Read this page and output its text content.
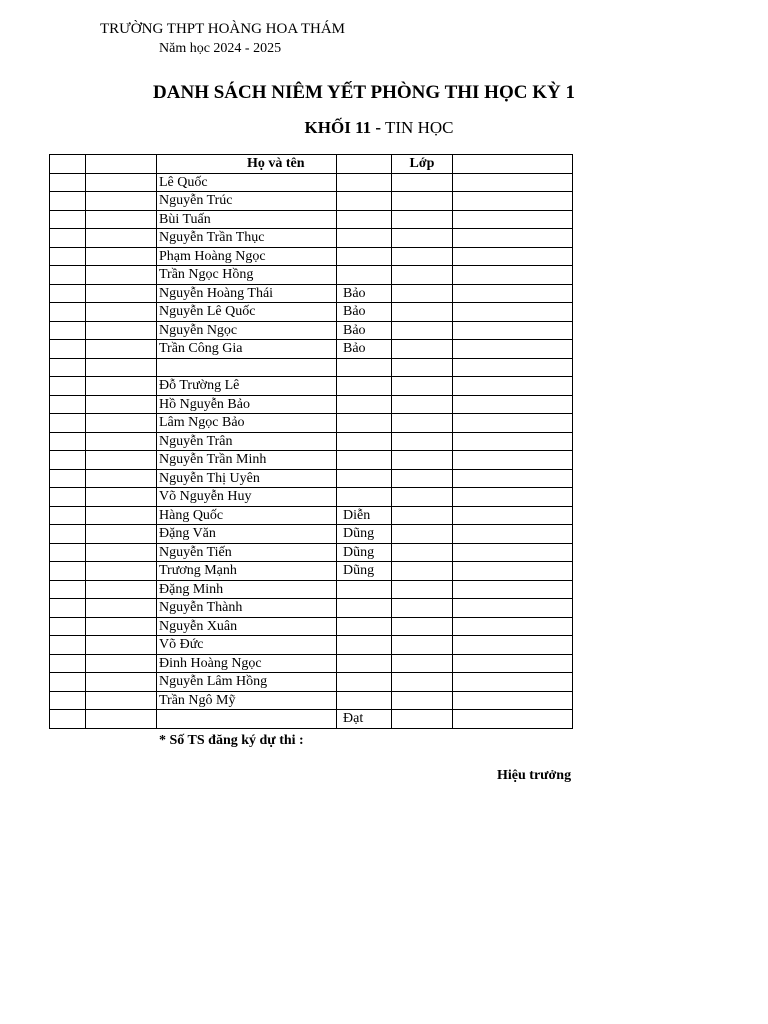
TRƯỜNG THPT HOÀNG HOA THÁM
Năm học 2024 - 2025
DANH SÁCH NIÊM YẾT PHÒNG THI HỌC KỲ 1
KHỐI 11 - TIN HỌC
		Họ và tên		Lớp	
		Lê Quốc			
		Nguyễn Trúc			
		Bùi Tuấn			
		Nguyễn Trần Thục			
		Phạm Hoàng Ngọc			
		Trần Ngọc Hồng			
		Nguyễn Hoàng Thái	Bảo		
		Nguyễn Lê Quốc	Bảo		
		Nguyễn Ngọc	Bảo		
		Trần Công Gia	Bảo		

		Đỗ Trường Lê			
		Hồ Nguyễn Bảo			
		Lâm Ngọc Bảo			
		Nguyễn Trân			
		Nguyễn Trần Minh			
		Nguyễn Thị Uyên			
		Võ Nguyễn Huy			
		Hàng Quốc	Diễn		
		Đặng Văn	Dũng		
		Nguyễn Tiến	Dũng		
		Trương Mạnh	Dũng		
		Đặng Minh			
		Nguyễn Thành			
		Nguyễn Xuân			
		Võ Đức			
		Đinh Hoàng Ngọc			
		Nguyễn Lâm Hồng			
		Trần Ngô Mỹ			
			Đạt		
* Số TS đăng ký dự thi :
Hiệu trưởng
